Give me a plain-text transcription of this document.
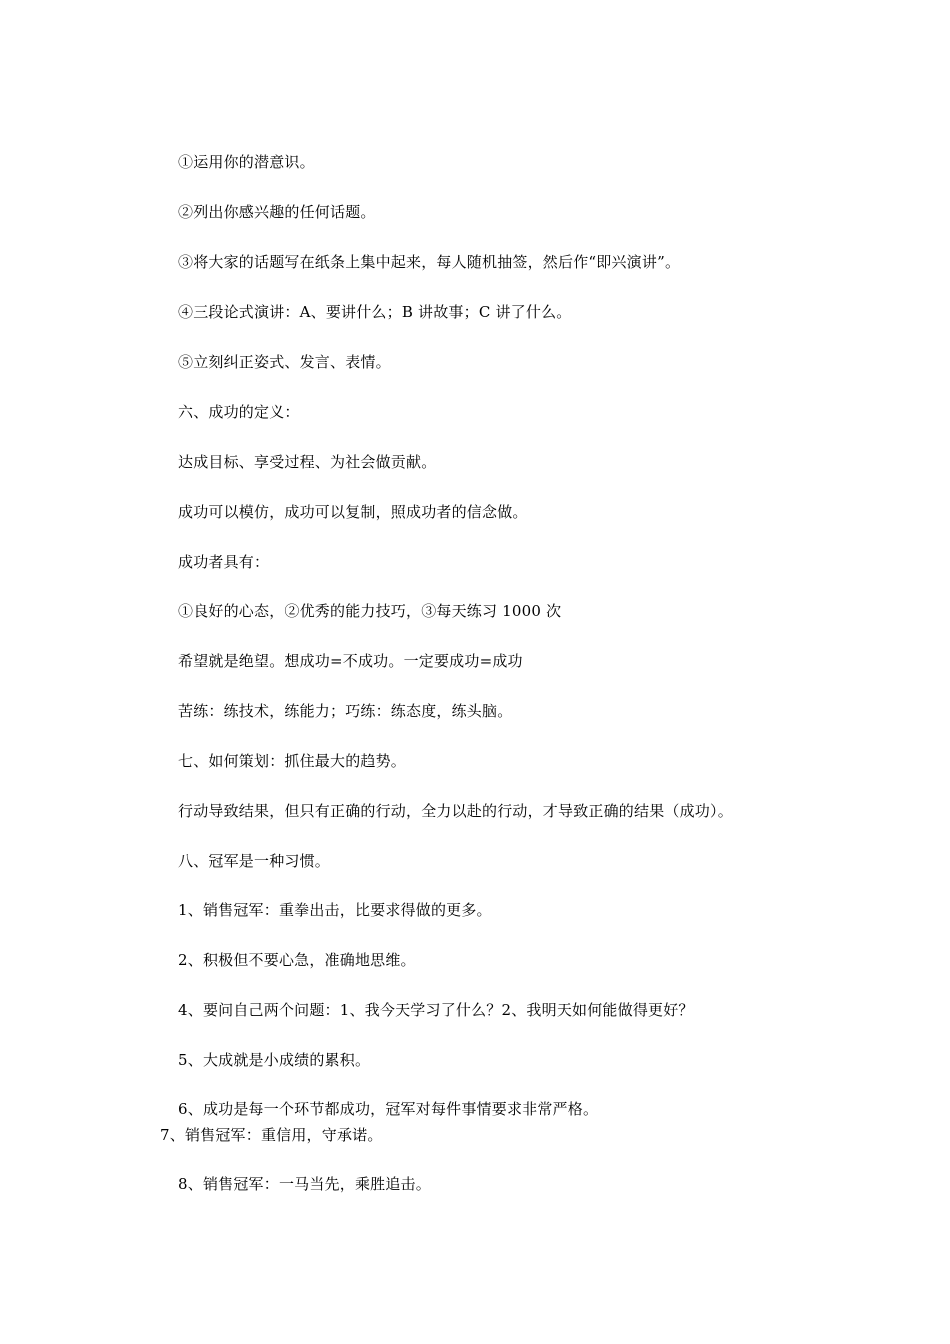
①运用你的潜意识。
②列出你感兴趣的任何话题。
③将大家的话题写在纸条上集中起来，每人随机抽签，然后作“即兴演讲”。
④三段论式演讲：A、要讲什么；B 讲故事；C 讲了什么。
⑤立刻纠正姿式、发言、表情。
六、成功的定义：
达成目标、享受过程、为社会做贡献。
成功可以模仿，成功可以复制，照成功者的信念做。
成功者具有：
①良好的心态，②优秀的能力技巧，③每天练习 1000 次
希望就是绝望。想成功=不成功。一定要成功=成功
苦练：练技术，练能力；巧练：练态度，练头脑。
七、如何策划：抓住最大的趋势。
行动导致结果，但只有正确的行动，全力以赴的行动，才导致正确的结果（成功）。
八、冠军是一种习惯。
1、销售冠军：重拳出击，比要求得做的更多。
2、积极但不要心急，准确地思维。
4、要问自己两个问题：1、我今天学习了什么？2、我明天如何能做得更好？
5、大成就是小成绩的累积。
6、成功是每一个环节都成功，冠军对每件事情要求非常严格。
7、销售冠军：重信用，守承诺。
8、销售冠军：一马当先，乘胜追击。
